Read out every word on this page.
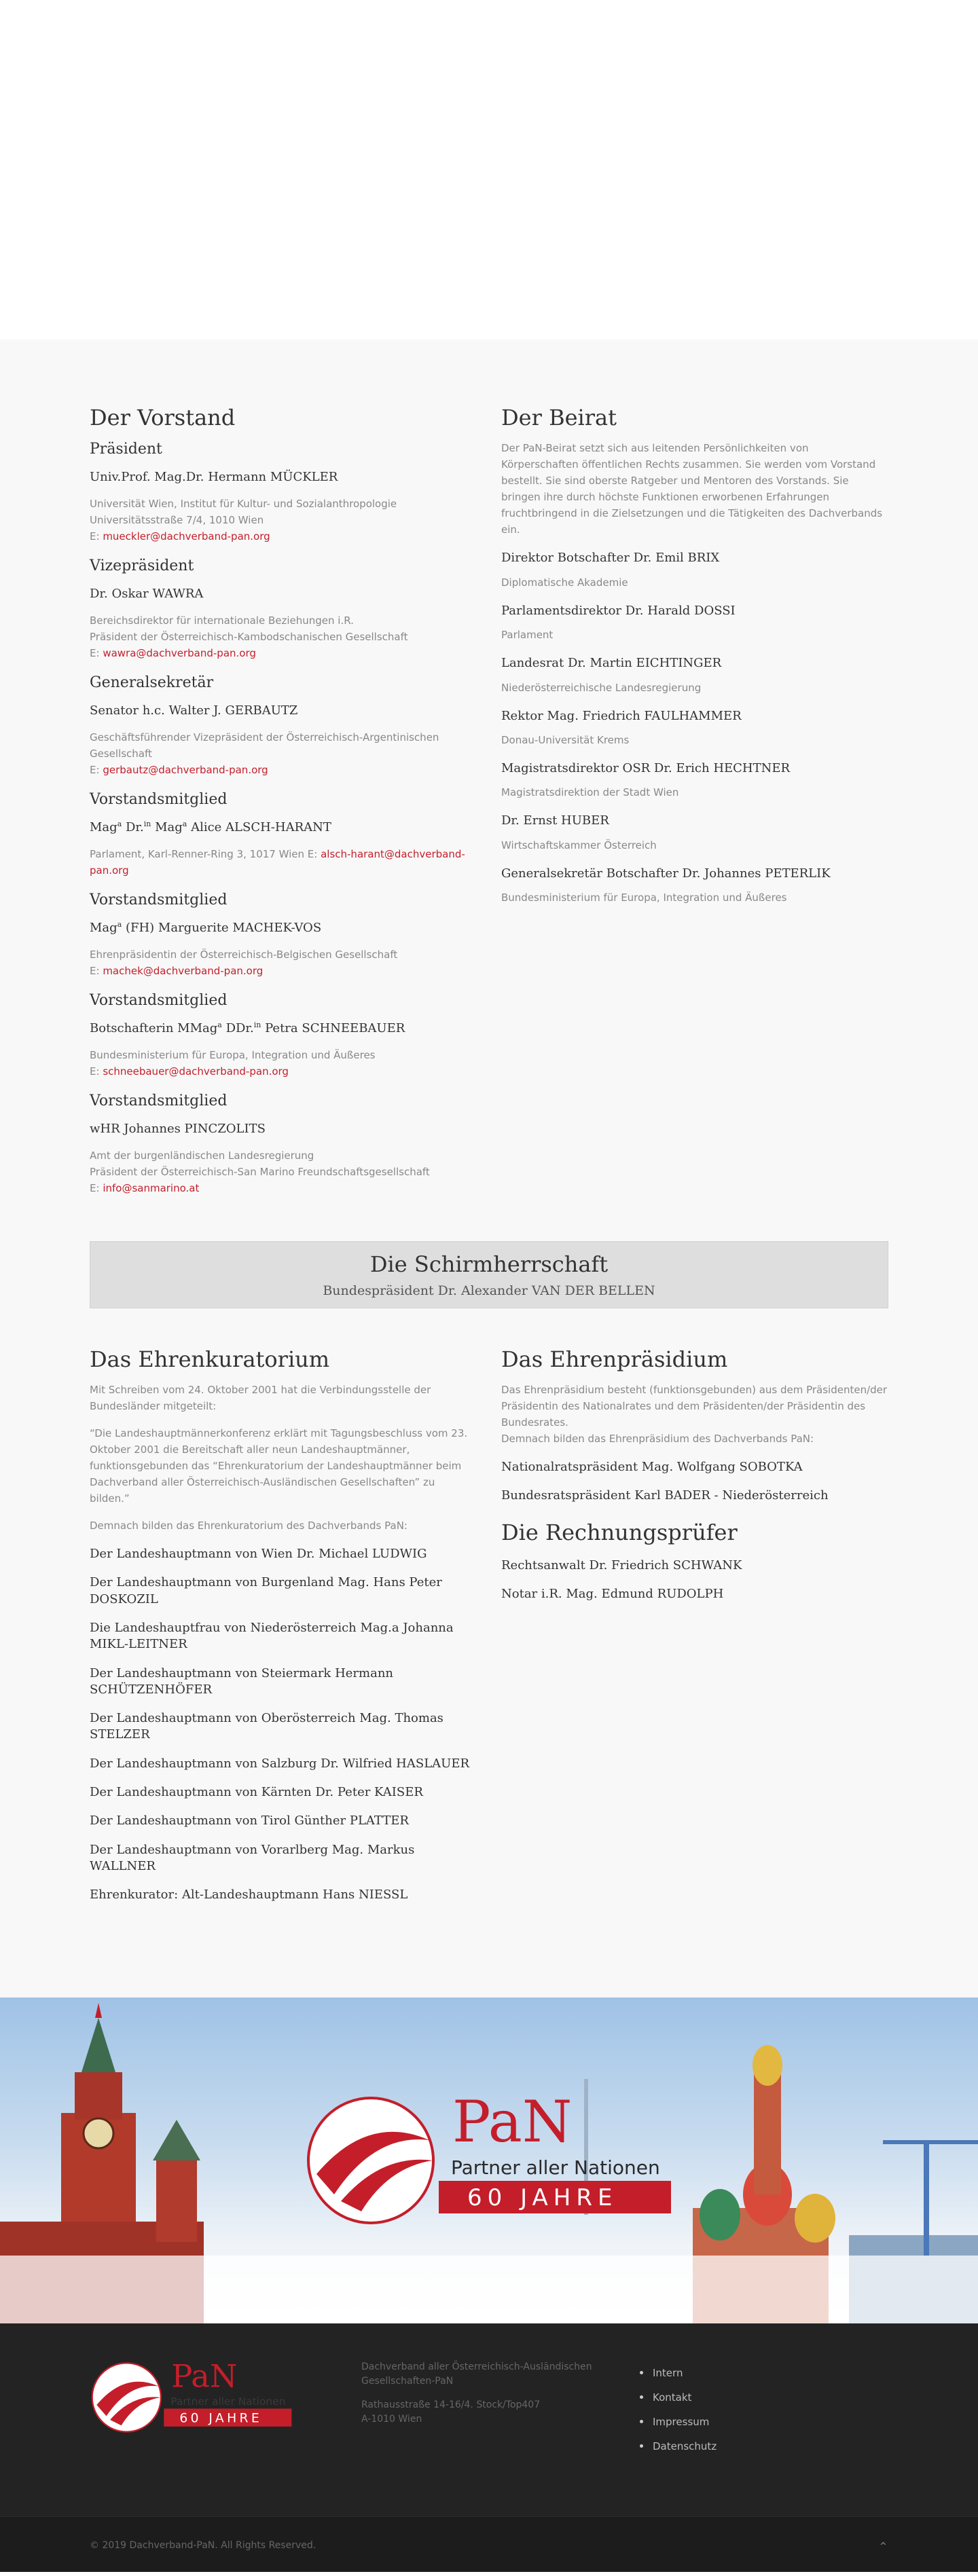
Der Vorstand
Präsident
Univ.Prof. Mag.Dr. Hermann MÜCKLER
Universität Wien, Institut für Kultur- und Sozialanthropologie
Universitätsstraße 7/4, 1010 Wien
E: mueckler@dachverband-pan.org
Vizepräsident
Dr. Oskar WAWRA
Bereichsdirektor für internationale Beziehungen i.R.
Präsident der Österreichisch-Kambodschanischen Gesellschaft
E: wawra@dachverband-pan.org
Generalsekretär
Senator h.c. Walter J. GERBAUTZ
Geschäftsführender Vizepräsident der Österreichisch-Argentinischen Gesellschaft
E: gerbautz@dachverband-pan.org
Vorstandsmitglied
Mag$^a$ Dr.$^{in}$ Mag$^a$ Alice ALSCH-HARANT
Parlament, Karl-Renner-Ring 3, 1017 Wien E: alsch-harant@dachverband-pan.org
Vorstandsmitglied
Mag$^a$ (FH) Marguerite MACHEK-VOS
Ehrenpräsidentin der Österreichisch-Belgischen Gesellschaft
E: machek@dachverband-pan.org
Vorstandsmitglied
Botschafterin MMag$^a$ DDr.$^{in}$ Petra SCHNEEBAUER
Bundesministerium für Europa, Integration und Äußeres
E: schneebauer@dachverband-pan.org
Vorstandsmitglied
wHR Johannes PINCZOLITS
Amt der burgenländischen Landesregierung
Präsident der Österreichisch-San Marino Freundschaftsgesellschaft
E: info@sanmarino.at
Der Beirat

Der PaN-Beirat setzt sich aus leitenden Persönlichkeiten von Körperschaften öffentlichen Rechts zusammen. Sie werden vom Vorstand bestellt. Sie sind oberste Ratgeber und Mentoren des Vorstands. Sie bringen ihre durch höchste Funktionen erworbenen Erfahrungen fruchtbringend in die Zielsetzungen und die Tätigkeiten des Dachverbands ein.

Direktor Botschafter Dr. Emil BRIX
Diplomatische Akademie
Parlamentsdirektor Dr. Harald DOSSI
Parlament
Landesrat Dr. Martin EICHTINGER
Niederösterreichische Landesregierung
Rektor Mag. Friedrich FAULHAMMER
Donau-Universität Krems
Magistratsdirektor OSR Dr. Erich HECHTNER
Magistratsdirektion der Stadt Wien
Dr. Ernst HUBER
Wirtschaftskammer Österreich
Generalsekretär Botschafter Dr. Johannes PETERLIK
Bundesministerium für Europa, Integration und Äußeres
Die Schirmherrschaft
Bundespräsident Dr. Alexander VAN DER BELLEN
Das Ehrenkuratorium

Mit Schreiben vom 24. Oktober 2001 hat die Verbindungsstelle der Bundesländer mitgeteilt:

“Die Landeshauptmännerkonferenz erklärt mit Tagungsbeschluss vom 23. Oktober 2001 die Bereitschaft aller neun Landeshauptmänner, funktionsgebunden das “Ehrenkuratorium der Landeshauptmänner beim Dachverband aller Österreichisch-Ausländischen Gesellschaften” zu bilden.”

Demnach bilden das Ehrenkuratorium des Dachverbands PaN:

Der Landeshauptmann von Wien Dr. Michael LUDWIG
Der Landeshauptmann von Burgenland Mag. Hans Peter DOSKOZIL
Die Landeshauptfrau von Niederösterreich Mag.a Johanna MIKL-LEITNER
Der Landeshauptmann von Steiermark Hermann SCHÜTZENHÖFER
Der Landeshauptmann von Oberösterreich Mag. Thomas STELZER
Der Landeshauptmann von Salzburg Dr. Wilfried HASLAUER
Der Landeshauptmann von Kärnten Dr. Peter KAISER
Der Landeshauptmann von Tirol Günther PLATTER
Der Landeshauptmann von Vorarlberg Mag. Markus WALLNER
Ehrenkurator: Alt-Landeshauptmann Hans NIESSL
Das Ehrenpräsidium

Das Ehrenpräsidium besteht (funktionsgebunden) aus dem Präsidenten/der Präsidentin des Nationalrates und dem Präsidenten/der Präsidentin des Bundesrates.
Demnach bilden das Ehrenpräsidium des Dachverbands PaN:

Nationalratspräsident Mag. Wolfgang SOBOTKA
Bundesratspräsident Karl BADER - Niederösterreich
Die Rechnungsprüfer
Rechtsanwalt Dr. Friedrich SCHWANK
Notar i.R. Mag. Edmund RUDOLPH
PaN
Partner aller Nationen
60 JAHRE
PaN
Partner aller Nationen
60 JAHRE

Dachverband aller Österreichisch-Ausländischen Gesellschaften-PaN

Rathausstraße 14-16/4. Stock/Top407
A-1010 Wien
Intern
Kontakt
Impressum
Datenschutz
© 2019 Dachverband-PaN. All Rights Reserved.	⌃
